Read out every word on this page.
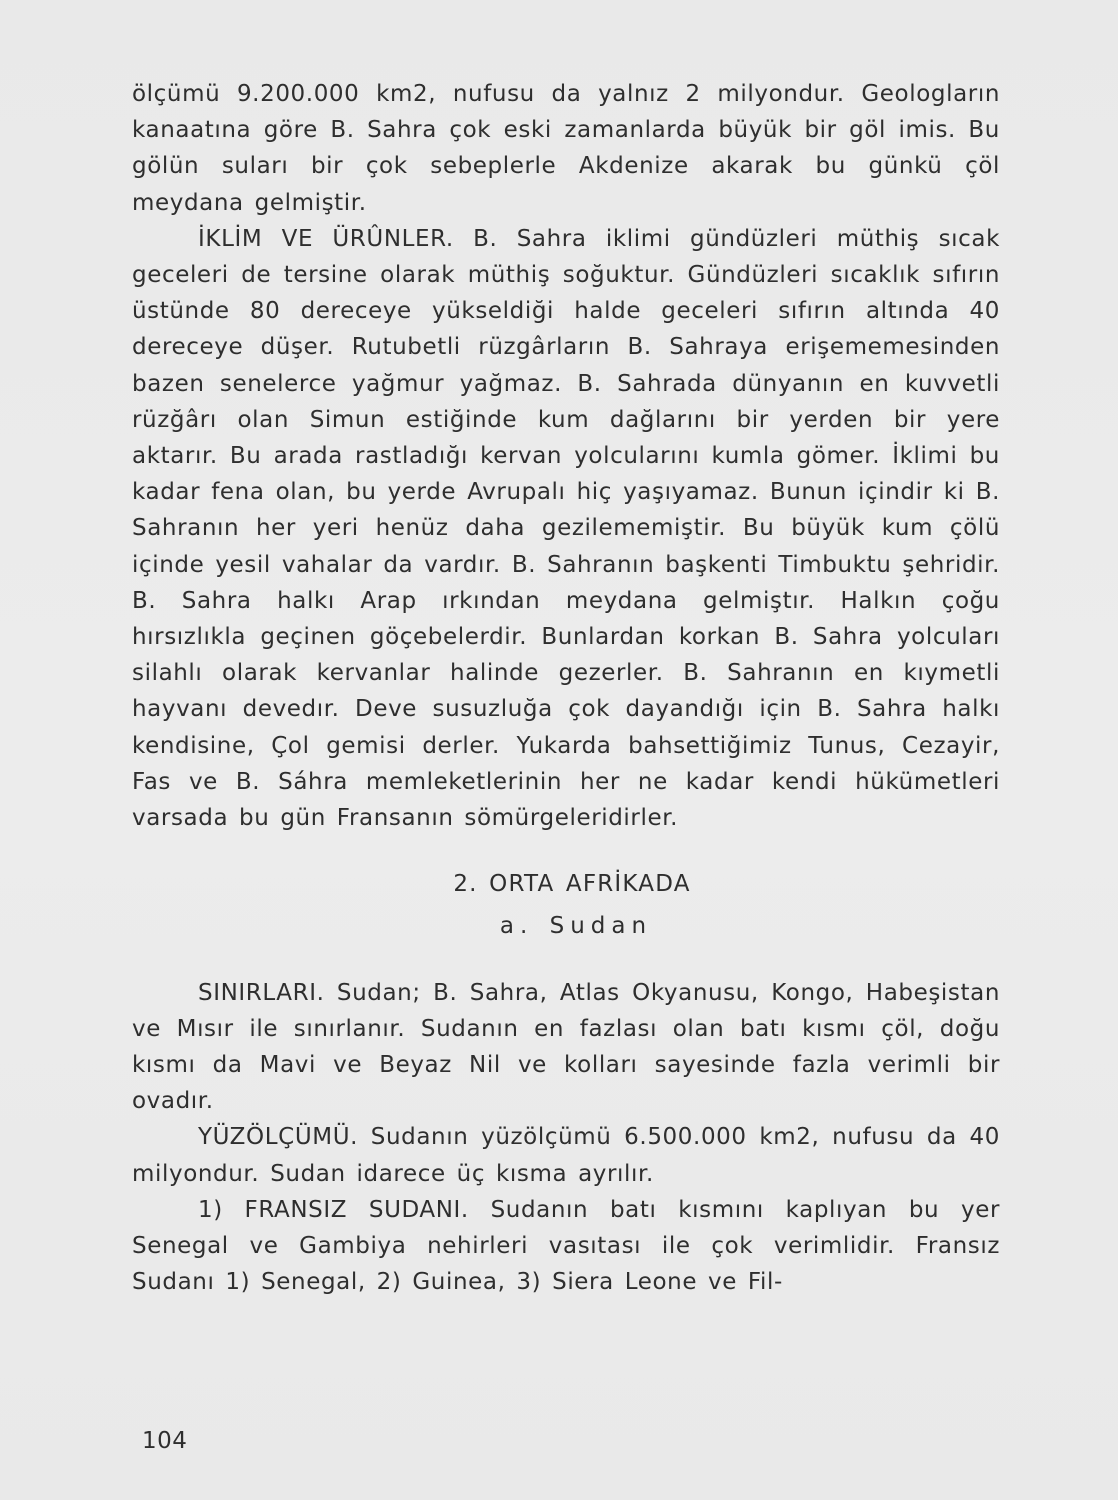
ölçümü 9.200.000 km2, nufusu da yalnız 2 milyondur. Geologların kanaatına göre B. Sahra çok eski zamanlarda büyük bir göl imis. Bu gölün suları bir çok sebeplerle Akdenize akarak bu günkü çöl meydana gelmiştir.

İKLİM VE ÜRÛNLER. B. Sahra iklimi gündüzleri müthiş sıcak geceleri de tersine olarak müthiş soğuktur. Gündüzleri sıcaklık sıfırın üstünde 80 dereceye yükseldiği halde geceleri sıfırın altında 40 dereceye düşer. Rutubetli rüzgârların B. Sahraya erişememesinden bazen senelerce yağmur yağmaz. B. Sahrada dünyanın en kuvvetli rüzğârı olan Simun estiğinde kum dağlarını bir yerden bir yere aktarır. Bu arada rastladığı kervan yolcularını kumla gömer. İklimi bu kadar fena olan, bu yerde Avrupalı hiç yaşıyamaz. Bunun içindir ki B. Sahranın her yeri henüz daha gezilememiştir. Bu büyük kum çölü içinde yesil vahalar da vardır. B. Sahranın başkenti Timbuktu şehridir. B. Sahra halkı Arap ırkından meydana gelmiştır. Halkın çoğu hırsızlıkla geçinen göçebelerdir. Bunlardan korkan B. Sahra yolcuları silahlı olarak kervanlar halinde gezerler. B. Sahranın en kıymetli hayvanı devedır. Deve susuzluğa çok dayandığı için B. Sahra halkı kendisine, Çol gemisi derler. Yukarda bahsettiğimiz Tunus, Cezayir, Fas ve B. Sáhra memleketlerinin her ne kadar kendi hükümetleri varsada bu gün Fransanın sömürgeleridirler.

2. ORTA AFRİKADA

a. Sudan

SINIRLARI. Sudan; B. Sahra, Atlas Okyanusu, Kongo, Habeşistan ve Mısır ile sınırlanır. Sudanın en fazlası olan batı kısmı çöl, doğu kısmı da Mavi ve Beyaz Nil ve kolları sayesinde fazla verimli bir ovadır.

YÜZÖLÇÜMÜ. Sudanın yüzölçümü 6.500.000 km2, nufusu da 40 milyondur. Sudan idarece üç kısma ayrılır.

1) FRANSIZ SUDANI. Sudanın batı kısmını kaplıyan bu yer Senegal ve Gambiya nehirleri vasıtası ile çok verimlidir. Fransız Sudanı 1) Senegal, 2) Guinea, 3) Siera Leone ve Fil-

104
